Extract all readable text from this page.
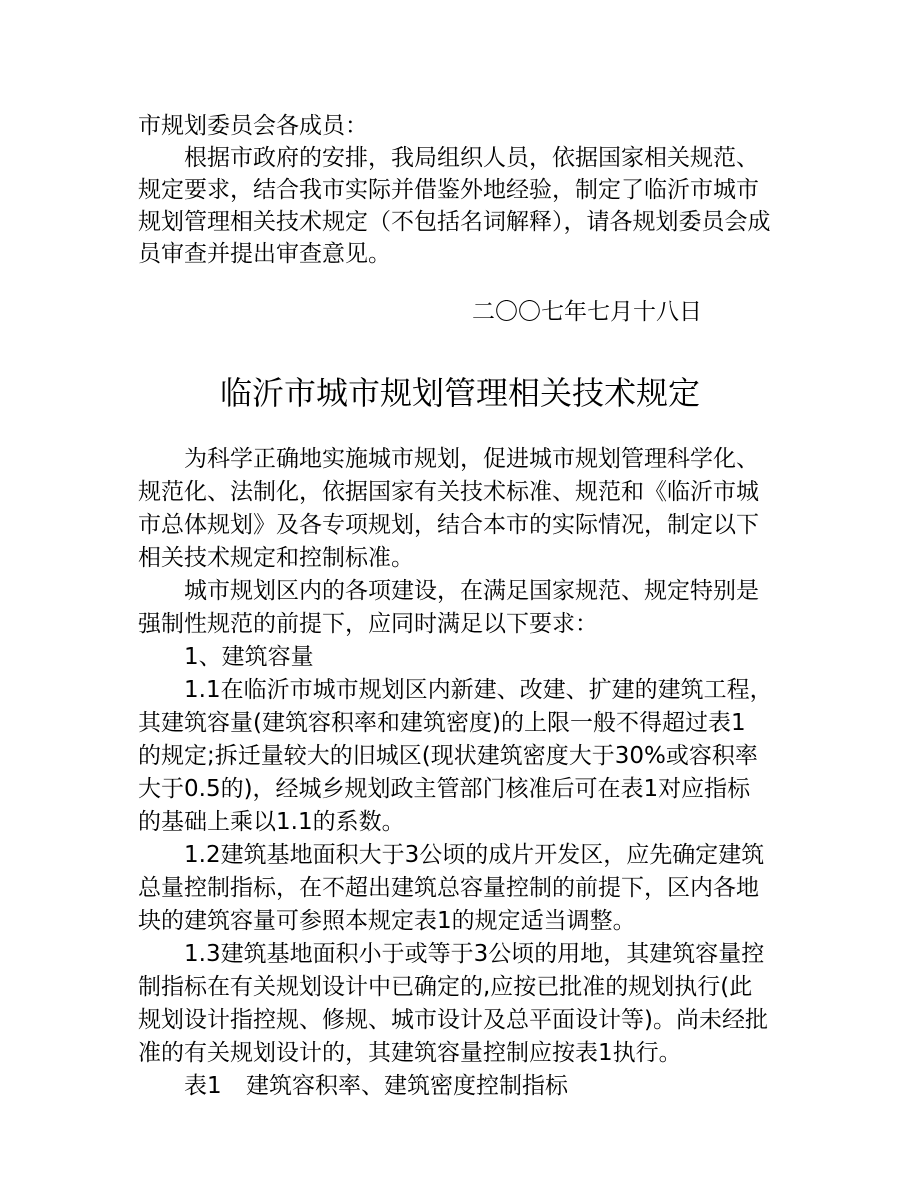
市规划委员会各成员：
根据市政府的安排，我局组织人员，依据国家相关规范、
规定要求，结合我市实际并借鉴外地经验，制定了临沂市城市
规划管理相关技术规定（不包括名词解释），请各规划委员会成
员审查并提出审查意见。
二〇〇七年七月十八日
临沂市城市规划管理相关技术规定
为科学正确地实施城市规划，促进城市规划管理科学化、
规范化、法制化，依据国家有关技术标准、规范和《临沂市城
市总体规划》及各专项规划，结合本市的实际情况，制定以下
相关技术规定和控制标准。
城市规划区内的各项建设，在满足国家规范、规定特别是
强制性规范的前提下，应同时满足以下要求：
1、建筑容量
1.1在临沂市城市规划区内新建、改建、扩建的建筑工程，
其建筑容量(建筑容积率和建筑密度)的上限一般不得超过表1
的规定;拆迁量较大的旧城区(现状建筑密度大于30%或容积率
大于0.5的)，经城乡规划政主管部门核准后可在表1对应指标
的基础上乘以1.1的系数。
1.2建筑基地面积大于3公顷的成片开发区，应先确定建筑
总量控制指标，在不超出建筑总容量控制的前提下，区内各地
块的建筑容量可参照本规定表1的规定适当调整。
1.3建筑基地面积小于或等于3公顷的用地，其建筑容量控
制指标在有关规划设计中已确定的,应按已批准的规划执行(此
规划设计指控规、修规、城市设计及总平面设计等)。尚未经批
准的有关规划设计的，其建筑容量控制应按表1执行。
表1 建筑容积率、建筑密度控制指标
